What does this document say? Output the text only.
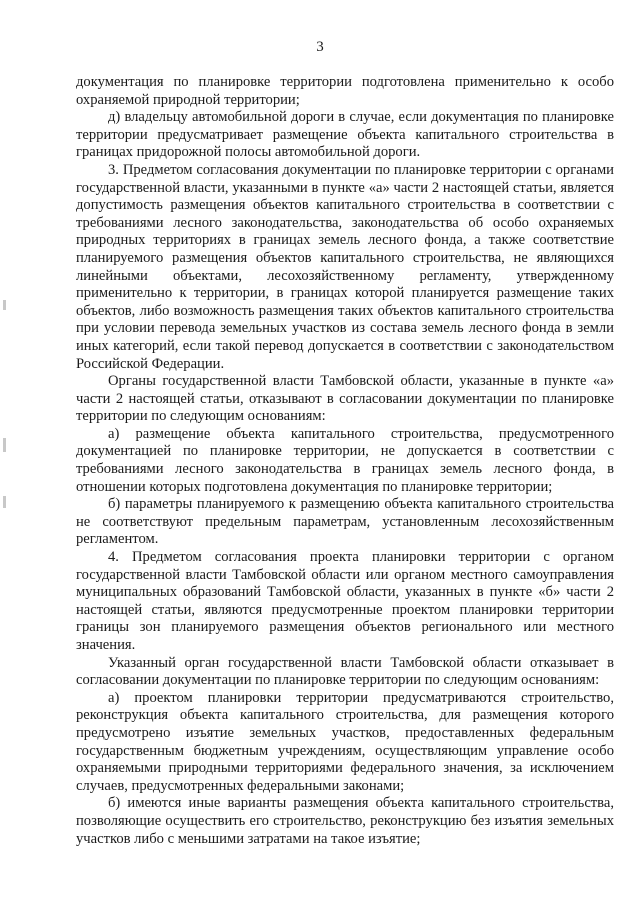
3

документация по планировке территории подготовлена применительно к особо охраняемой природной территории;

д) владельцу автомобильной дороги в случае, если документация по планировке территории предусматривает размещение объекта капитального строительства в границах придорожной полосы автомобильной дороги.

3. Предметом согласования документации по планировке территории с органами государственной власти, указанными в пункте «а» части 2 настоящей статьи, является допустимость размещения объектов капитального строительства в соответствии с требованиями лесного законодательства, законодательства об особо охраняемых природных территориях в границах земель лесного фонда, а также соответствие планируемого размещения объектов капитального строительства, не являющихся линейными объектами, лесохозяйственному регламенту, утвержденному применительно к территории, в границах которой планируется размещение таких объектов, либо возможность размещения таких объектов капитального строительства при условии перевода земельных участков из состава земель лесного фонда в земли иных категорий, если такой перевод допускается в соответствии с законодательством Российской Федерации.

Органы государственной власти Тамбовской области, указанные в пункте «а» части 2 настоящей статьи, отказывают в согласовании документации по планировке территории по следующим основаниям:

а) размещение объекта капитального строительства, предусмотренного документацией по планировке территории, не допускается в соответствии с требованиями лесного законодательства в границах земель лесного фонда, в отношении которых подготовлена документация по планировке территории;

б) параметры планируемого к размещению объекта капитального строительства не соответствуют предельным параметрам, установленным лесохозяйственным регламентом.

4. Предметом согласования проекта планировки территории с органом государственной власти Тамбовской области или органом местного самоуправления муниципальных образований Тамбовской области, указанных в пункте «б» части 2 настоящей статьи, являются предусмотренные проектом планировки территории границы зон планируемого размещения объектов регионального или местного значения.

Указанный орган государственной власти Тамбовской области отказывает в согласовании документации по планировке территории по следующим основаниям:

а) проектом планировки территории предусматриваются строительство, реконструкция объекта капитального строительства, для размещения которого предусмотрено изъятие земельных участков, предоставленных федеральным государственным бюджетным учреждениям, осуществляющим управление особо охраняемыми природными территориями федерального значения, за исключением случаев, предусмотренных федеральными законами;

б) имеются иные варианты размещения объекта капитального строительства, позволяющие осуществить его строительство, реконструкцию без изъятия земельных участков либо с меньшими затратами на такое изъятие;
